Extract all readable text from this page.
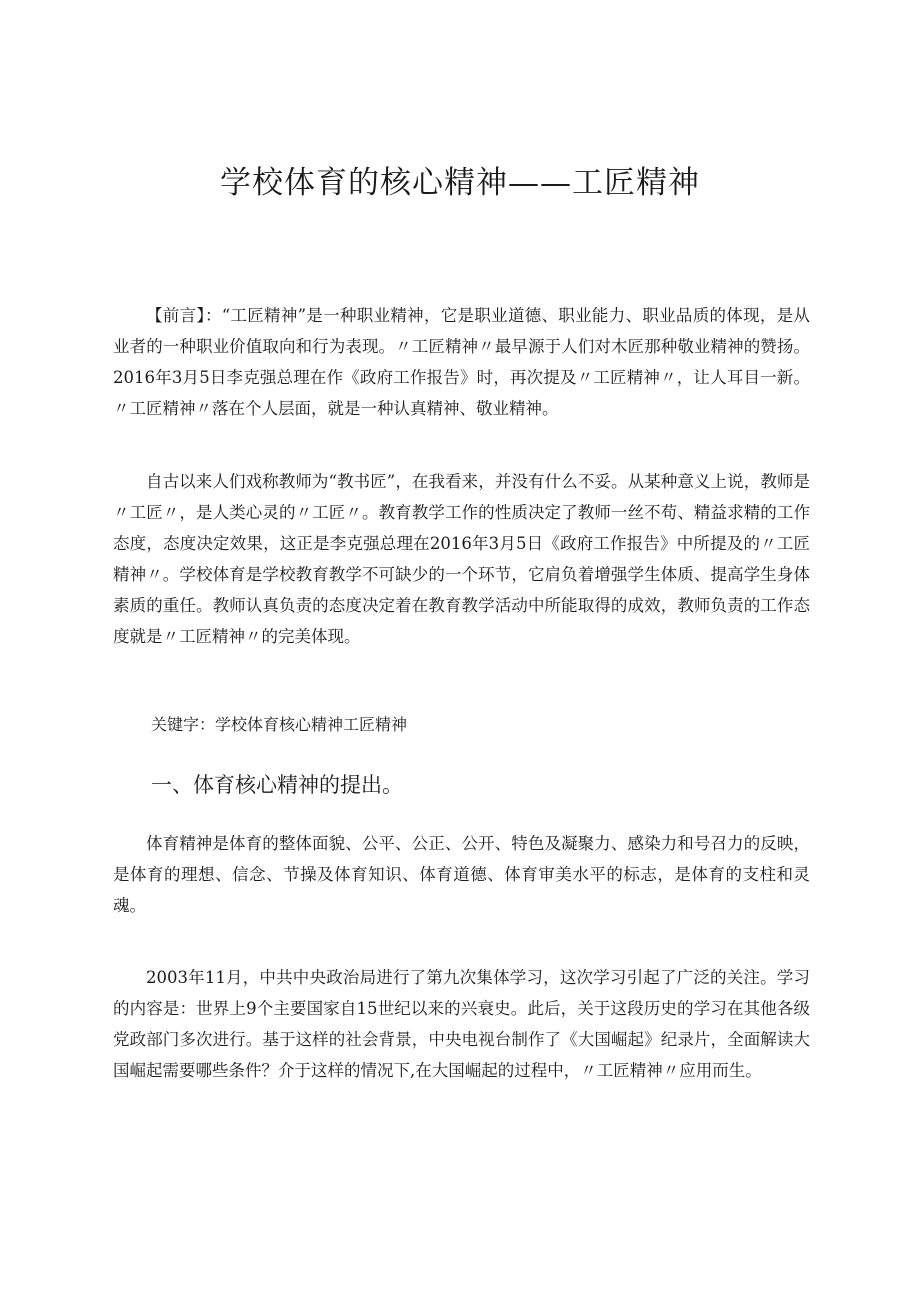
学校体育的核心精神——工匠精神

【前言】：“工匠精神”是一种职业精神，它是职业道德、职业能力、职业品质的体现，是从业者的一种职业价值取向和行为表现。〃工匠精神〃最早源于人们对木匠那种敬业精神的赞扬。2016年3月5日李克强总理在作《政府工作报告》时，再次提及〃工匠精神〃，让人耳目一新。〃工匠精神〃落在个人层面，就是一种认真精神、敬业精神。

自古以来人们戏称教师为“教书匠”，在我看来，并没有什么不妥。从某种意义上说，教师是〃工匠〃，是人类心灵的〃工匠〃。教育教学工作的性质决定了教师一丝不苟、精益求精的工作态度，态度决定效果，这正是李克强总理在2016年3月5日《政府工作报告》中所提及的〃工匠精神〃。学校体育是学校教育教学不可缺少的一个环节，它肩负着增强学生体质、提高学生身体素质的重任。教师认真负责的态度决定着在教育教学活动中所能取得的成效，教师负责的工作态度就是〃工匠精神〃的完美体现。

关键字：学校体育核心精神工匠精神

一、体育核心精神的提出。

体育精神是体育的整体面貌、公平、公正、公开、特色及凝聚力、感染力和号召力的反映，是体育的理想、信念、节操及体育知识、体育道德、体育审美水平的标志，是体育的支柱和灵魂。

2003年11月，中共中央政治局进行了第九次集体学习，这次学习引起了广泛的关注。学习的内容是：世界上9个主要国家自15世纪以来的兴衰史。此后，关于这段历史的学习在其他各级党政部门多次进行。基于这样的社会背景，中央电视台制作了《大国崛起》纪录片，全面解读大国崛起需要哪些条件？介于这样的情况下,在大国崛起的过程中，〃工匠精神〃应用而生。
